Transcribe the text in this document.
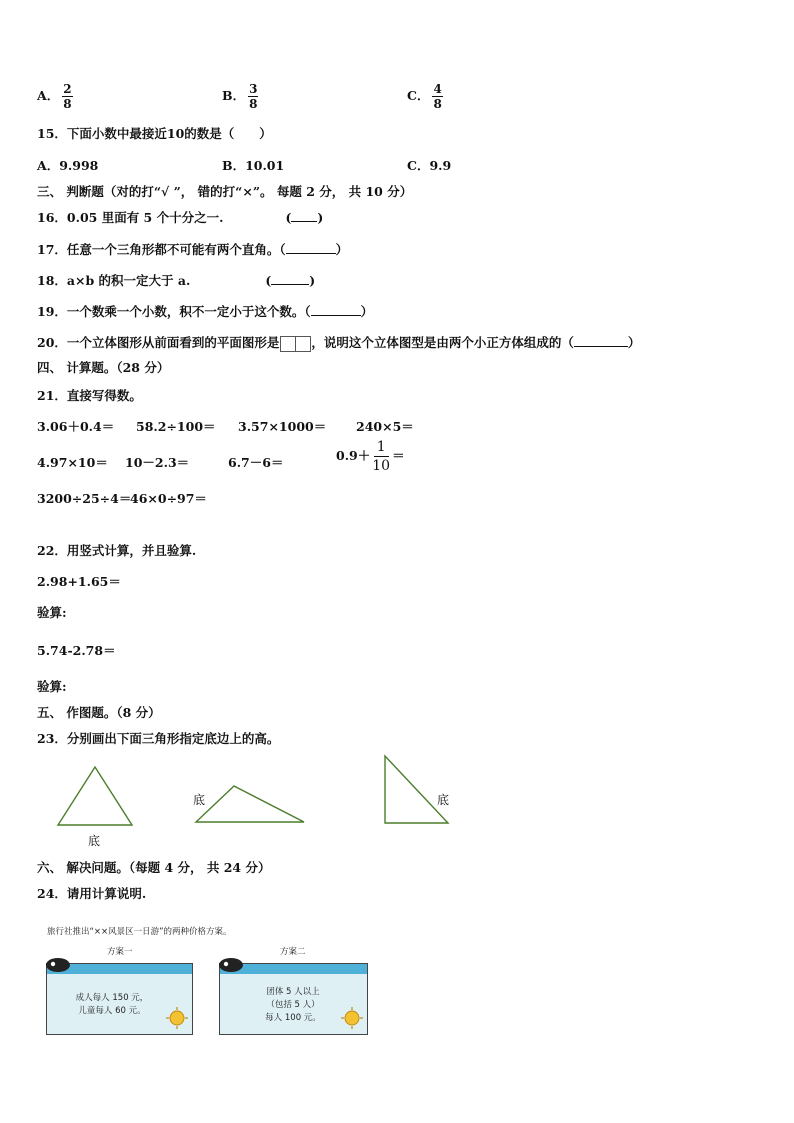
A． $\frac{2}{8}$	B． $\frac{3}{8}$	C． $\frac{4}{8}$
15．下面小数中最接近10的数是（　　）
A．9.998	B．10.01	C．9.9
三、 判断题（对的打“√ ”， 错的打“×”。 每题 2 分， 共 10 分）
16．0.05 里面有 5 个十分之一.	( )
17．任意一个三角形都不可能有两个直角。（	）
18．a×b 的积一定大于 a.	(	)
19．一个数乘一个小数，积不一定小于这个数。（	）
20．一个立体图形从前面看到的平面图形是	，说明这个立体图型是由两个小正方体组成的（	）
四、 计算题。（28 分）
21．直接写得数。
3.06＋0.4＝ 58.2÷100＝ 3.57×1000＝ 240×5＝
4.97×10＝ 10－2.3＝	6.7－6＝	$0.9+ \frac{1}{10}$ ＝
3200÷25÷4＝
46×0÷97＝
22．用竖式计算，并且验算.
2.98+1.65＝
验算:
5.74-2.78＝
验算:
五、 作图题。（8 分）
23．分别画出下面三角形指定底边上的高。
底
底	底
六、 解决问题。（每题 4 分， 共 24 分）
24．请用计算说明.
旅行社推出“××风景区一日游”的两种价格方案。
方案一
成人每人 150 元，
儿童每人 60 元。
方案二
团体 5 人以上
（包括 5 人）
每人 100 元。
